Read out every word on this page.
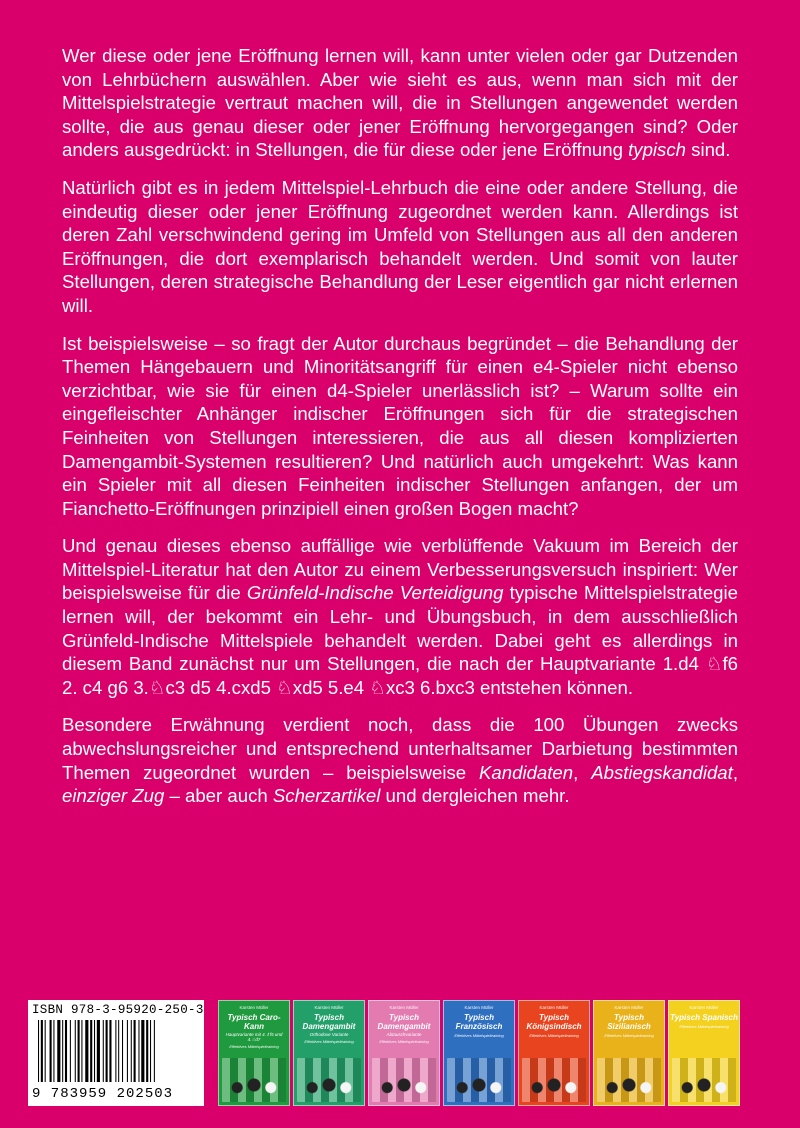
Wer diese oder jene Eröffnung lernen will, kann unter vielen oder gar Dutzenden von Lehrbüchern auswählen. Aber wie sieht es aus, wenn man sich mit der Mittelspielstrategie vertraut machen will, die in Stellungen angewendet werden sollte, die aus genau dieser oder jener Eröffnung hervorgegangen sind? Oder anders ausgedrückt: in Stellungen, die für diese oder jene Eröffnung typisch sind.

Natürlich gibt es in jedem Mittelspiel-Lehrbuch die eine oder andere Stellung, die eindeutig dieser oder jener Eröffnung zugeordnet werden kann. Allerdings ist deren Zahl verschwindend gering im Umfeld von Stellungen aus all den anderen Eröffnungen, die dort exemplarisch behandelt werden. Und somit von lauter Stellungen, deren strategische Behandlung der Leser eigentlich gar nicht erlernen will.

Ist beispielsweise – so fragt der Autor durchaus begründet – die Behandlung der Themen Hängebauern und Minoritätsangriff für einen e4-Spieler nicht ebenso verzichtbar, wie sie für einen d4-Spieler unerlässlich ist? – Warum sollte ein eingefleischter Anhänger indischer Eröffnungen sich für die strategischen Feinheiten von Stellungen interessieren, die aus all diesen komplizierten Damengambit-Systemen resultieren? Und natürlich auch umgekehrt: Was kann ein Spieler mit all diesen Feinheiten indischer Stellungen anfangen, der um Fianchetto-Eröffnungen prinzipiell einen großen Bogen macht?

Und genau dieses ebenso auffällige wie verblüffende Vakuum im Bereich der Mittelspiel-Literatur hat den Autor zu einem Verbesserungsversuch inspiriert: Wer beispielsweise für die Grünfeld-Indische Verteidigung typische Mittelspielstrategie lernen will, der bekommt ein Lehr- und Übungsbuch, in dem ausschließlich Grünfeld-Indische Mittelspiele behandelt werden. Dabei geht es allerdings in diesem Band zunächst nur um Stellungen, die nach der Hauptvariante 1.d4 ♘f6 2. c4 g6 3.♘c3 d5 4.cxd5 ♘xd5 5.e4 ♘xc3 6.bxc3 entstehen können.

Besondere Erwähnung verdient noch, dass die 100 Übungen zwecks abwechslungsreicher und entsprechend unterhaltsamer Darbietung bestimmten Themen zugeordnet wurden – beispielsweise Kandidaten, Abstiegskandidat, einziger Zug – aber auch Scherzartikel und dergleichen mehr.

ISBN 978-3-95920-250-3
9 783959 202503
Karsten Müller
Typisch Caro-Kann
Hauptvariante mit 4.♗f5 und 4.♘d7
Effektives Mittelspieltraining
Karsten Müller
Typisch Damengambit
Orthodoxe Variante
Effektives Mittelspieltraining
Karsten Müller
Typisch Damengambit
Abtauschvariante
Effektives Mittelspieltraining
Karsten Müller
Typisch Französisch
Effektives Mittelspieltraining
Karsten Müller
Typisch Königsindisch
Effektives Mittelspieltraining
Karsten Müller
Typisch Sizilianisch
Effektives Mittelspieltraining
Karsten Müller
Typisch Spanisch
Effektives Mittelspieltraining
